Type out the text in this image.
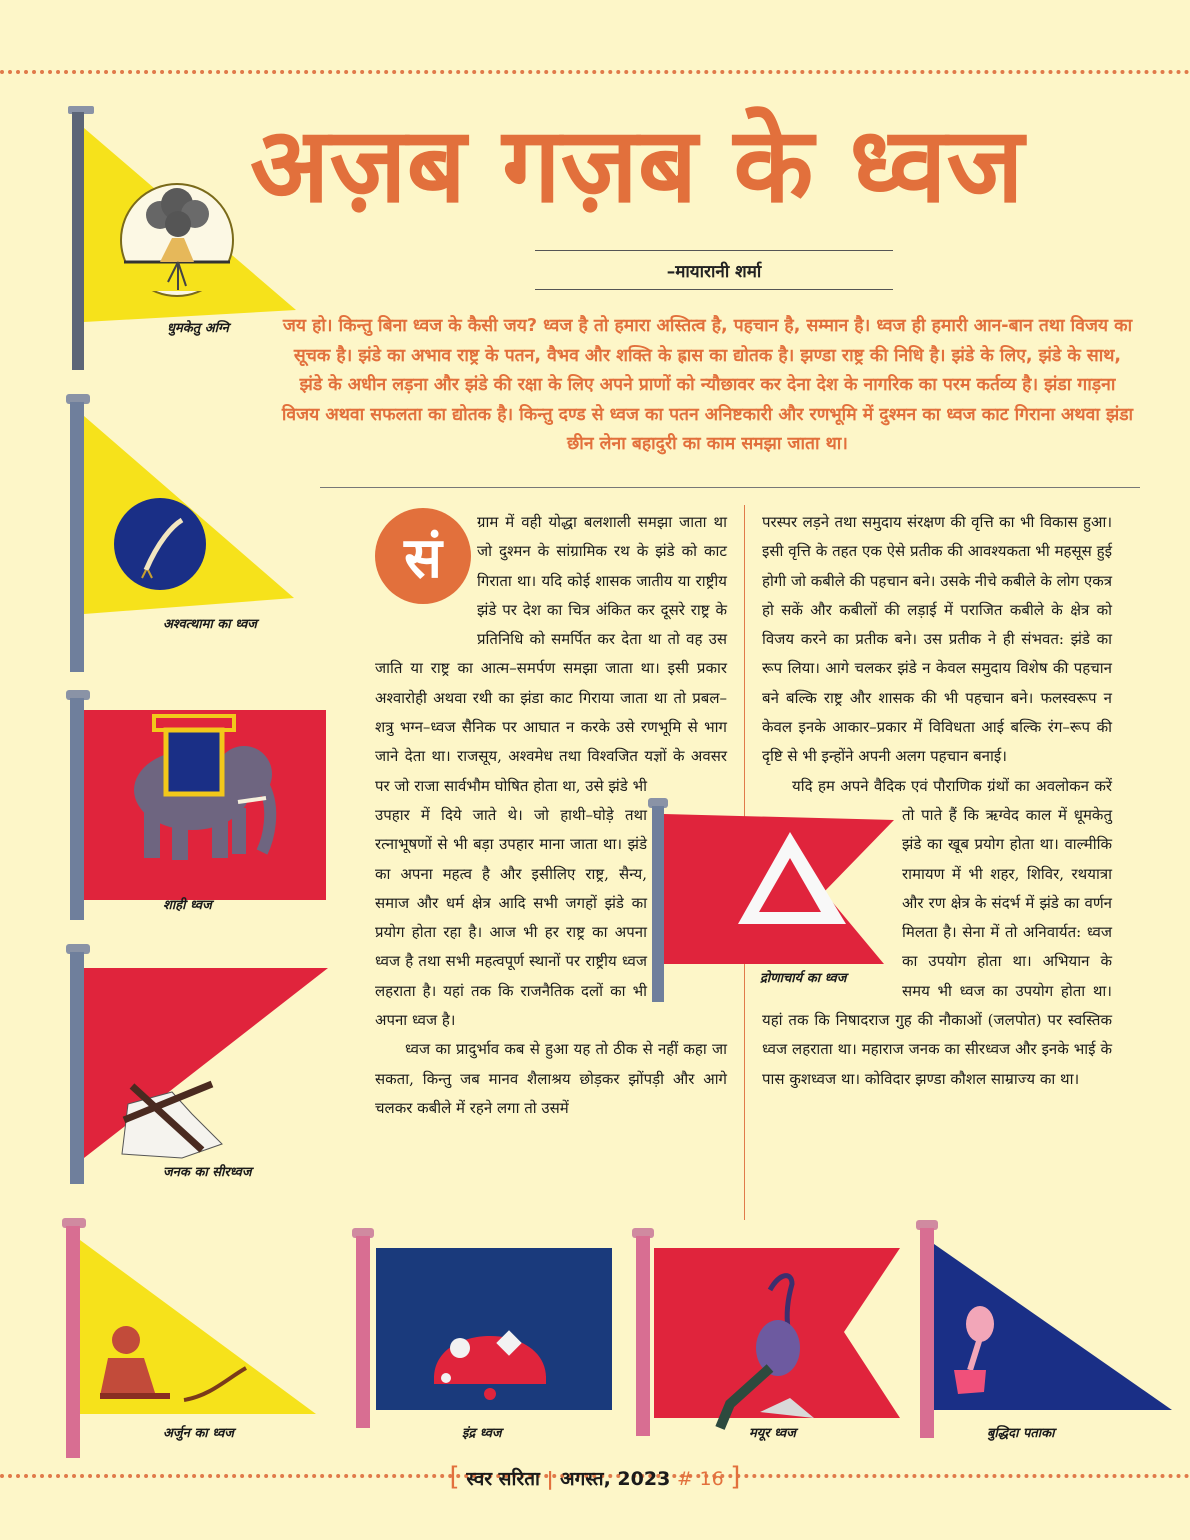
अज़ब गज़ब के ध्वज
–मायारानी शर्मा
जय हो। किन्तु बिना ध्वज के कैसी जय? ध्वज है तो हमारा अस्तित्व है, पहचान है, सम्मान है। ध्वज ही हमारी आन-बान तथा विजय का सूचक है। झंडे का अभाव राष्ट्र के पतन, वैभव और शक्ति के ह्रास का द्योतक है। झण्डा राष्ट्र की निधि है। झंडे के लिए, झंडे के साथ, झंडे के अधीन लड़ना और झंडे की रक्षा के लिए अपने प्राणों को न्यौछावर कर देना देश के नागरिक का परम कर्तव्य है। झंडा गाड़ना विजय अथवा सफलता का द्योतक है। किन्तु दण्ड से ध्वज का पतन अनिष्टकारी और रणभूमि में दुश्मन का ध्वज काट गिराना अथवा झंडा छीन लेना बहादुरी का काम समझा जाता था।
सं

ग्राम में वही योद्धा बलशाली समझा जाता था जो दुश्मन के सांग्रामिक रथ के झंडे को काट गिराता था। यदि कोई शासक जातीय या राष्ट्रीय झंडे पर देश का चित्र अंकित कर दूसरे राष्ट्र के प्रतिनिधि को समर्पित कर देता था तो वह उस जाति या राष्ट्र का आत्म–समर्पण समझा जाता था। इसी प्रकार अश्वारोही अथवा रथी का झंडा काट गिराया जाता था तो प्रबल–शत्रु भग्न–ध्वज सैनिक पर आघात न करके उसे रणभूमि से भाग जाने देता था। राजसूय, अश्वमेध तथा विश्वजित यज्ञों के अवसर पर जो राजा सार्वभौम घोषित होता था, उसे झंडे भी उपहार में दिये जाते थे। जो हाथी–घोड़े तथा रत्नाभूषणों से भी बड़ा उपहार माना जाता था। झंडे का अपना महत्व है और इसीलिए राष्ट्र, सैन्य, समाज और धर्म क्षेत्र आदि सभी जगहों झंडे का प्रयोग होता रहा है। आज भी हर राष्ट्र का अपना ध्वज है तथा सभी महत्वपूर्ण स्थानों पर राष्ट्रीय ध्वज लहराता है। यहां तक कि राजनैतिक दलों का भी अपना ध्वज है।

ध्वज का प्रादुर्भाव कब से हुआ यह तो ठीक से नहीं कहा जा सकता, किन्तु जब मानव शैलाश्रय छोड़कर झोंपड़ी और आगे चलकर कबीले में रहने लगा तो उसमें

परस्पर लड़ने तथा समुदाय संरक्षण की वृत्ति का भी विकास हुआ। इसी वृत्ति के तहत एक ऐसे प्रतीक की आवश्यकता भी महसूस हुई होगी जो कबीले की पहचान बने। उसके नीचे कबीले के लोग एकत्र हो सकें और कबीलों की लड़ाई में पराजित कबीले के क्षेत्र को विजय करने का प्रतीक बने। उस प्रतीक ने ही संभवत: झंडे का रूप लिया। आगे चलकर झंडे न केवल समुदाय विशेष की पहचान बने बल्कि राष्ट्र और शासक की भी पहचान बने। फलस्वरूप न केवल इनके आकार–प्रकार में विविधता आई बल्कि रंग–रूप की दृष्टि से भी इन्होंने अपनी अलग पहचान बनाई।

यदि हम अपने वैदिक एवं पौराणिक ग्रंथों का अवलोकन करें तो पाते हैं कि ऋग्वेद काल में धूमकेतु झंडे का खूब प्रयोग होता था। वाल्मीकि रामायण में भी शहर, शिविर, रथयात्रा और रण क्षेत्र के संदर्भ में झंडे का वर्णन मिलता है। सेना में तो अनिवार्यत: ध्वज का उपयोग होता था। अभियान के समय भी ध्वज का उपयोग होता था। यहां तक कि निषादराज गुह की नौकाओं (जलपोत) पर स्वस्तिक ध्वज लहराता था। महाराज जनक का सीरध्वज और इनके भाई के पास कुशध्वज था। कोविदार झण्डा कौशल साम्राज्य का था।

धुमकेतु अग्नि
अश्वत्थामा का ध्वज
शाही ध्वज
जनक का सीरध्वज
द्रोणाचार्य का ध्वज
अर्जुन का ध्वज	इंद्र ध्वज	मयूर ध्वज	बुद्धिदा पताका
[ स्वर सरिता | अगस्त, 2023 # 16 ]
